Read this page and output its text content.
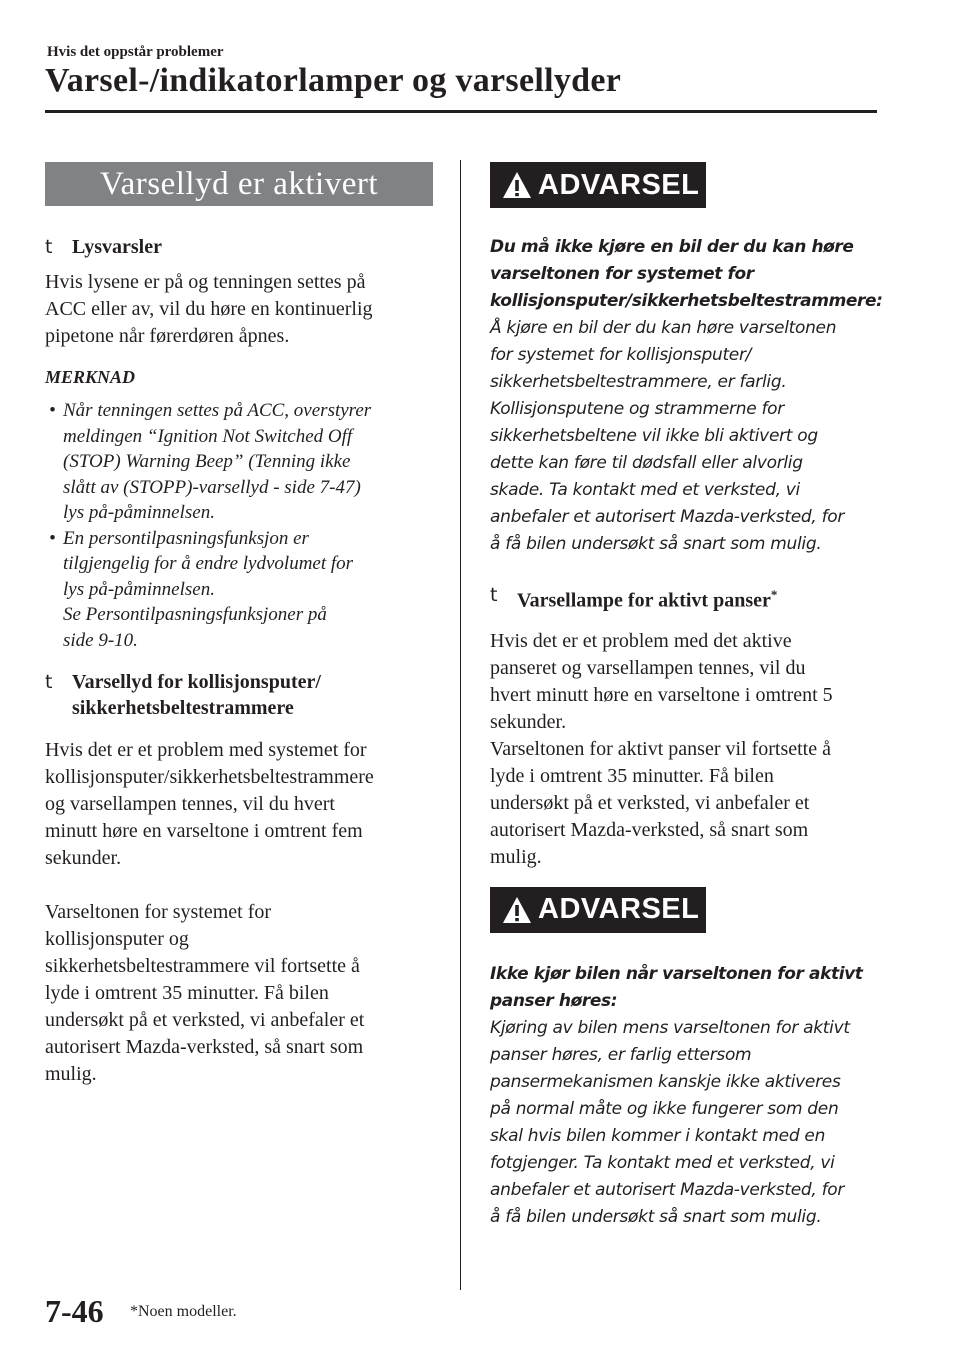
Hvis det oppstår problemer
Varsel-/indikatorlamper og varsellyder
Varsellyd er aktivert
t Lysvarsler
Hvis lysene er på og tenningen settes på
ACC eller av, vil du høre en kontinuerlig
pipetone når førerdøren åpnes.
MERKNAD
• Når tenningen settes på ACC, overstyrer
meldingen “Ignition Not Switched Off
(STOP) Warning Beep” (Tenning ikke
slått av (STOPP)-varsellyd - side 7-47)
lys på-påminnelsen.
• En persontilpasningsfunksjon er
tilgjengelig for å endre lydvolumet for
lys på-påminnelsen.
Se Persontilpasningsfunksjoner på
side 9-10.
t Varsellyd for kollisjonsputer/
sikkerhetsbeltestrammere
Hvis det er et problem med systemet for
kollisjonsputer/sikkerhetsbeltestrammere
og varsellampen tennes, vil du hvert
minutt høre en varseltone i omtrent fem
sekunder.
Varseltonen for systemet for
kollisjonsputer og
sikkerhetsbeltestrammere vil fortsette å
lyde i omtrent 35 minutter. Få bilen
undersøkt på et verksted, vi anbefaler et
autorisert Mazda-verksted, så snart som
mulig.
ADVARSEL
Du må ikke kjøre en bil der du kan høre
varseltonen for systemet for
kollisjonsputer/sikkerhetsbeltestrammere:
Å kjøre en bil der du kan høre varseltonen
for systemet for kollisjonsputer/
sikkerhetsbeltestrammere, er farlig.
Kollisjonsputene og strammerne for
sikkerhetsbeltene vil ikke bli aktivert og
dette kan føre til dødsfall eller alvorlig
skade. Ta kontakt med et verksted, vi
anbefaler et autorisert Mazda-verksted, for
å få bilen undersøkt så snart som mulig.
t Varsellampe for aktivt panser*
Hvis det er et problem med det aktive
panseret og varsellampen tennes, vil du
hvert minutt høre en varseltone i omtrent 5
sekunder.
Varseltonen for aktivt panser vil fortsette å
lyde i omtrent 35 minutter. Få bilen
undersøkt på et verksted, vi anbefaler et
autorisert Mazda-verksted, så snart som
mulig.
ADVARSEL
Ikke kjør bilen når varseltonen for aktivt
panser høres:
Kjøring av bilen mens varseltonen for aktivt
panser høres, er farlig ettersom
pansermekanismen kanskje ikke aktiveres
på normal måte og ikke fungerer som den
skal hvis bilen kommer i kontakt med en
fotgjenger. Ta kontakt med et verksted, vi
anbefaler et autorisert Mazda-verksted, for
å få bilen undersøkt så snart som mulig.
7-46 *Noen modeller.
